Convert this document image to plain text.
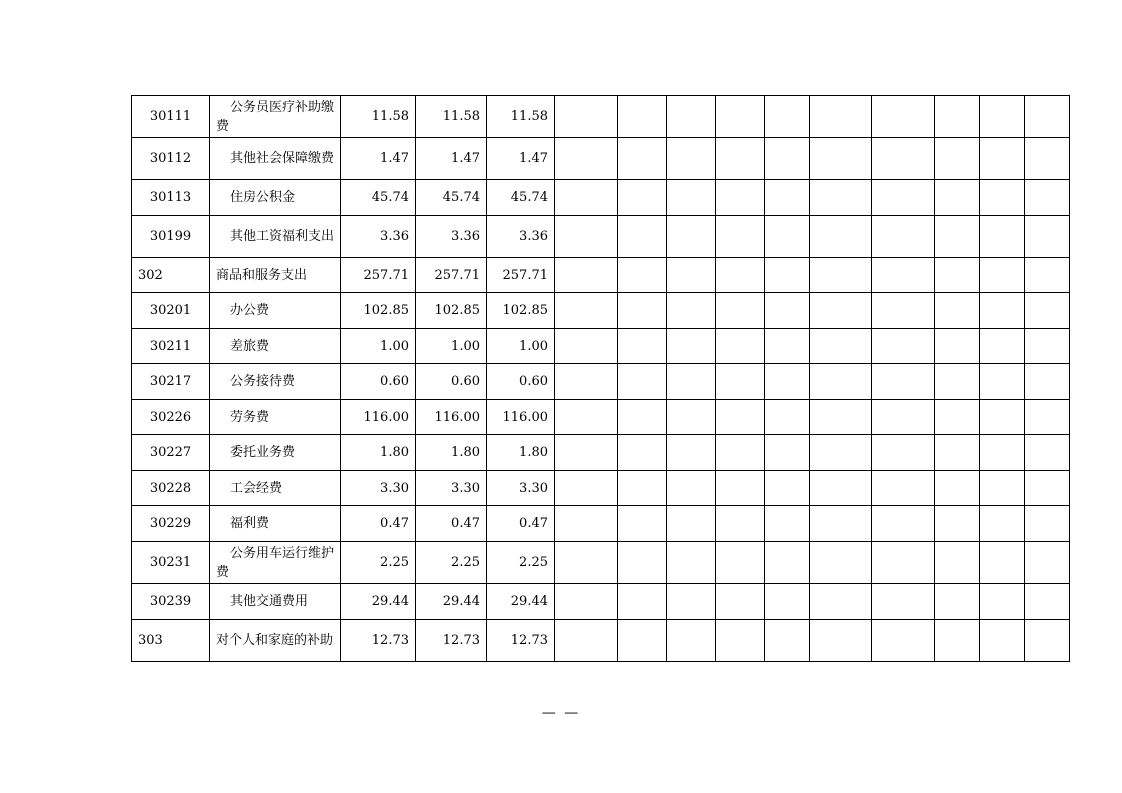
30111	公务员医疗补助缴费	11.58	11.58	11.58										
30112	其他社会保障缴费	1.47	1.47	1.47										
30113	住房公积金	45.74	45.74	45.74										
30199	其他工资福利支出	3.36	3.36	3.36										
302	商品和服务支出	257.71	257.71	257.71										
30201	办公费	102.85	102.85	102.85										
30211	差旅费	1.00	1.00	1.00										
30217	公务接待费	0.60	0.60	0.60										
30226	劳务费	116.00	116.00	116.00										
30227	委托业务费	1.80	1.80	1.80										
30228	工会经费	3.30	3.30	3.30										
30229	福利费	0.47	0.47	0.47										
30231	公务用车运行维护费	2.25	2.25	2.25										
30239	其他交通费用	29.44	29.44	29.44										
303	对个人和家庭的补助	12.73	12.73	12.73										
— —
